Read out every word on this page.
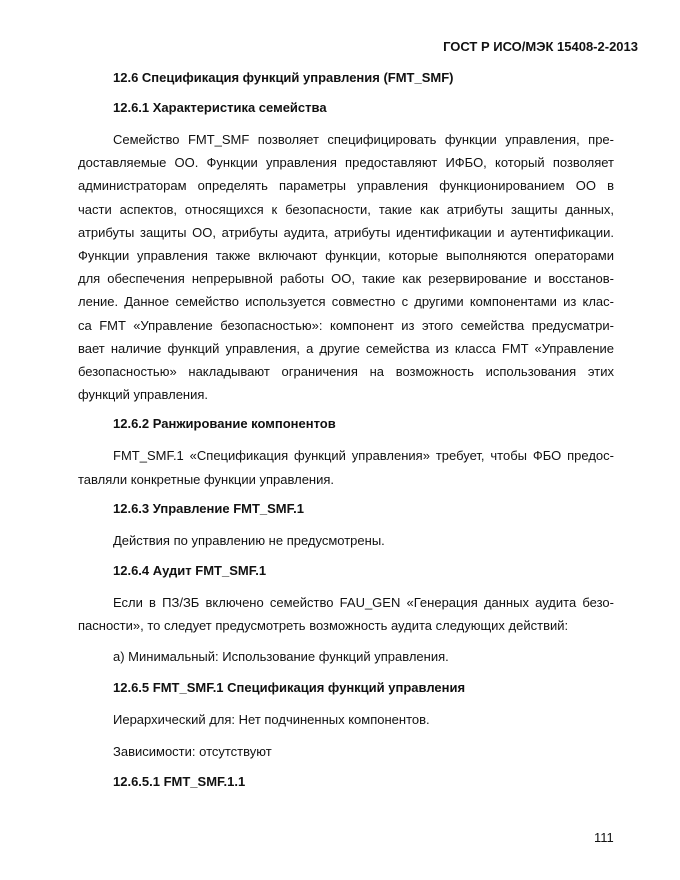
ГОСТ Р ИСО/МЭК 15408-2-2013
12.6 Спецификация функций управления (FMT_SMF)
12.6.1 Характеристика семейства
Семейство FMT_SMF позволяет специфицировать функции управления, пре-
доставляемые ОО. Функции управления предоставляют ИФБО, который позволяет
администраторам определять параметры управления функционированием ОО в
части аспектов, относящихся к безопасности, такие как атрибуты защиты данных,
атрибуты защиты ОО, атрибуты аудита, атрибуты идентификации и аутентификации.
Функции управления также включают функции, которые выполняются операторами
для обеспечения непрерывной работы ОО, такие как резервирование и восстанов-
ление. Данное семейство используется совместно с другими компонентами из клас-
са FMT «Управление безопасностью»: компонент из этого семейства предусматри-
вает наличие функций управления, а другие семейства из класса FMT «Управление
безопасностью» накладывают ограничения на возможность использования этих
функций управления.
12.6.2 Ранжирование компонентов
FMT_SMF.1 «Спецификация функций управления» требует, чтобы ФБО предос-
тавляли конкретные функции управления.
12.6.3 Управление FMT_SMF.1
Действия по управлению не предусмотрены.
12.6.4 Аудит FMT_SMF.1
Если в ПЗ/ЗБ включено семейство FAU_GEN «Генерация данных аудита безо-
пасности», то следует предусмотреть возможность аудита следующих действий:
а) Минимальный: Использование функций управления.
12.6.5 FMT_SMF.1 Спецификация функций управления
Иерархический для: Нет подчиненных компонентов.
Зависимости: отсутствуют
12.6.5.1 FMT_SMF.1.1
111
